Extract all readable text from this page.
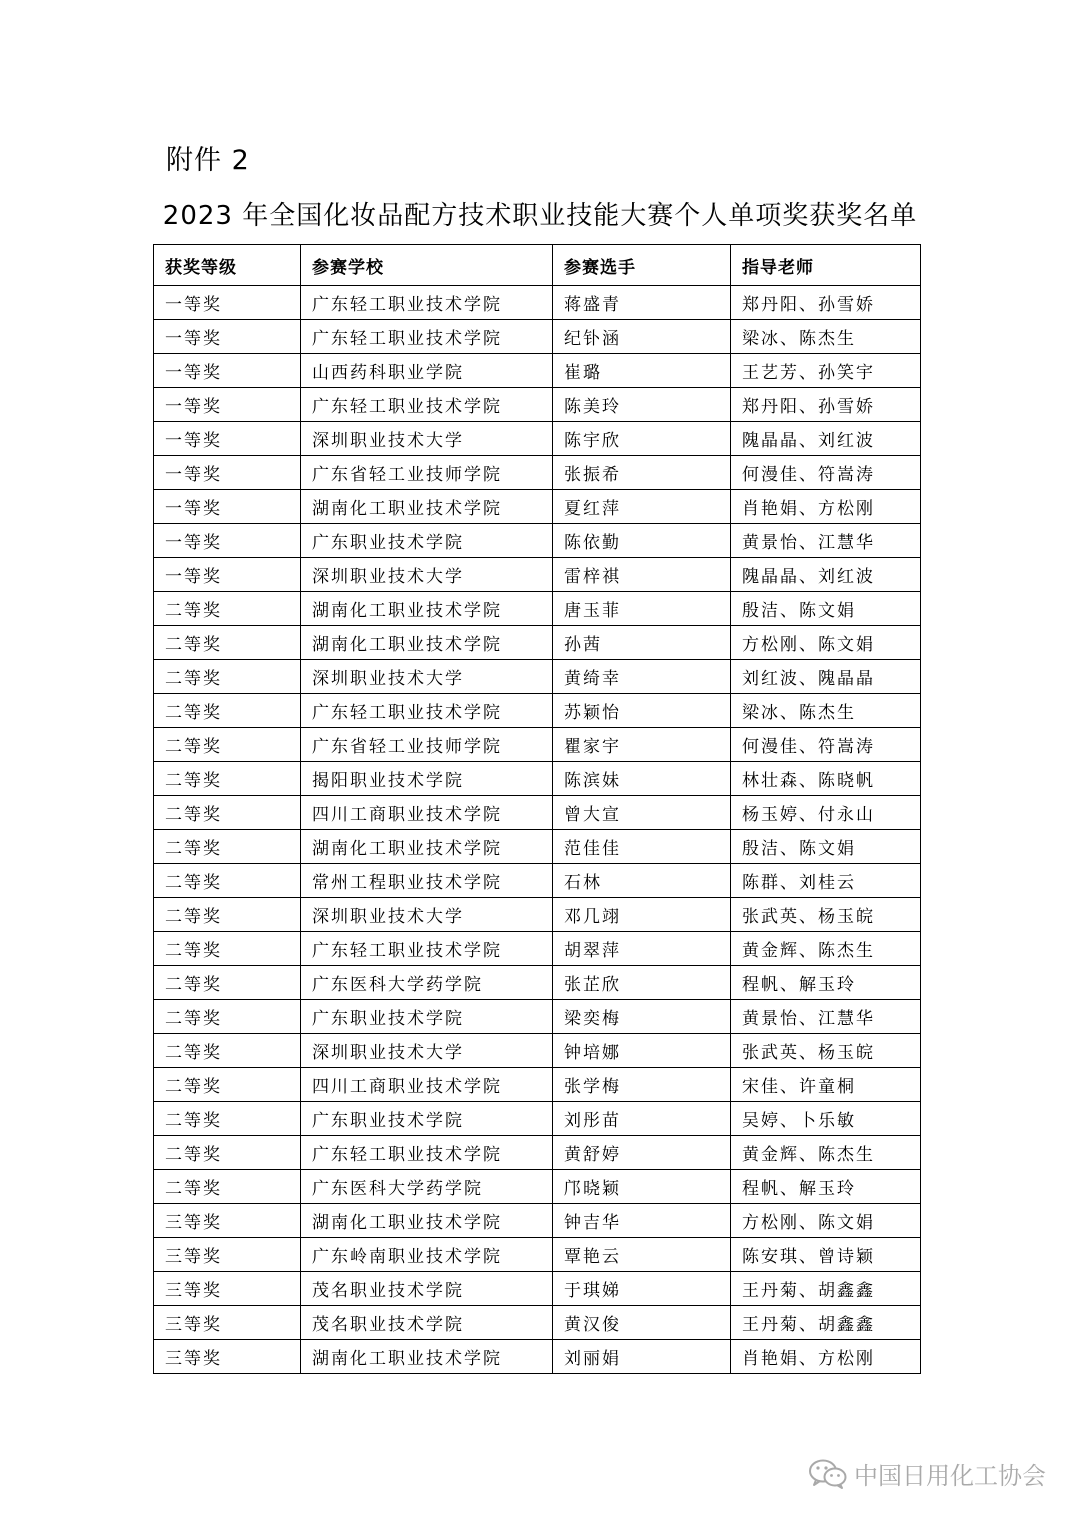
附件 2
2023 年全国化妆品配方技术职业技能大赛个人单项奖获奖名单
获奖等级	参赛学校	参赛选手	指导老师
一等奖	广东轻工职业技术学院	蒋盛青	郑丹阳、孙雪娇
一等奖	广东轻工职业技术学院	纪钋涵	梁冰、陈杰生
一等奖	山西药科职业学院	崔璐	王艺芳、孙笑宇
一等奖	广东轻工职业技术学院	陈美玲	郑丹阳、孙雪娇
一等奖	深圳职业技术大学	陈宇欣	隗晶晶、刘红波
一等奖	广东省轻工业技师学院	张振希	何漫佳、符嵩涛
一等奖	湖南化工职业技术学院	夏红萍	肖艳娟、方松刚
一等奖	广东职业技术学院	陈依勤	黄景怡、江慧华
一等奖	深圳职业技术大学	雷梓祺	隗晶晶、刘红波
二等奖	湖南化工职业技术学院	唐玉菲	殷洁、陈文娟
二等奖	湖南化工职业技术学院	孙茜	方松刚、陈文娟
二等奖	深圳职业技术大学	黄绮幸	刘红波、隗晶晶
二等奖	广东轻工职业技术学院	苏颖怡	梁冰、陈杰生
二等奖	广东省轻工业技师学院	瞿家宇	何漫佳、符嵩涛
二等奖	揭阳职业技术学院	陈滨妹	林壮森、陈晓帆
二等奖	四川工商职业技术学院	曾大宣	杨玉婷、付永山
二等奖	湖南化工职业技术学院	范佳佳	殷洁、陈文娟
二等奖	常州工程职业技术学院	石林	陈群、刘桂云
二等奖	深圳职业技术大学	邓几翊	张武英、杨玉皖
二等奖	广东轻工职业技术学院	胡翠萍	黄金辉、陈杰生
二等奖	广东医科大学药学院	张芷欣	程帆、解玉玲
二等奖	广东职业技术学院	梁奕梅	黄景怡、江慧华
二等奖	深圳职业技术大学	钟培娜	张武英、杨玉皖
二等奖	四川工商职业技术学院	张学梅	宋佳、许童桐
二等奖	广东职业技术学院	刘彤苗	吴婷、卜乐敏
二等奖	广东轻工职业技术学院	黄舒婷	黄金辉、陈杰生
二等奖	广东医科大学药学院	邝晓颖	程帆、解玉玲
三等奖	湖南化工职业技术学院	钟吉华	方松刚、陈文娟
三等奖	广东岭南职业技术学院	覃艳云	陈安琪、曾诗颖
三等奖	茂名职业技术学院	于琪娣	王丹菊、胡鑫鑫
三等奖	茂名职业技术学院	黄汉俊	王丹菊、胡鑫鑫
三等奖	湖南化工职业技术学院	刘丽娟	肖艳娟、方松刚
中国日用化工协会
